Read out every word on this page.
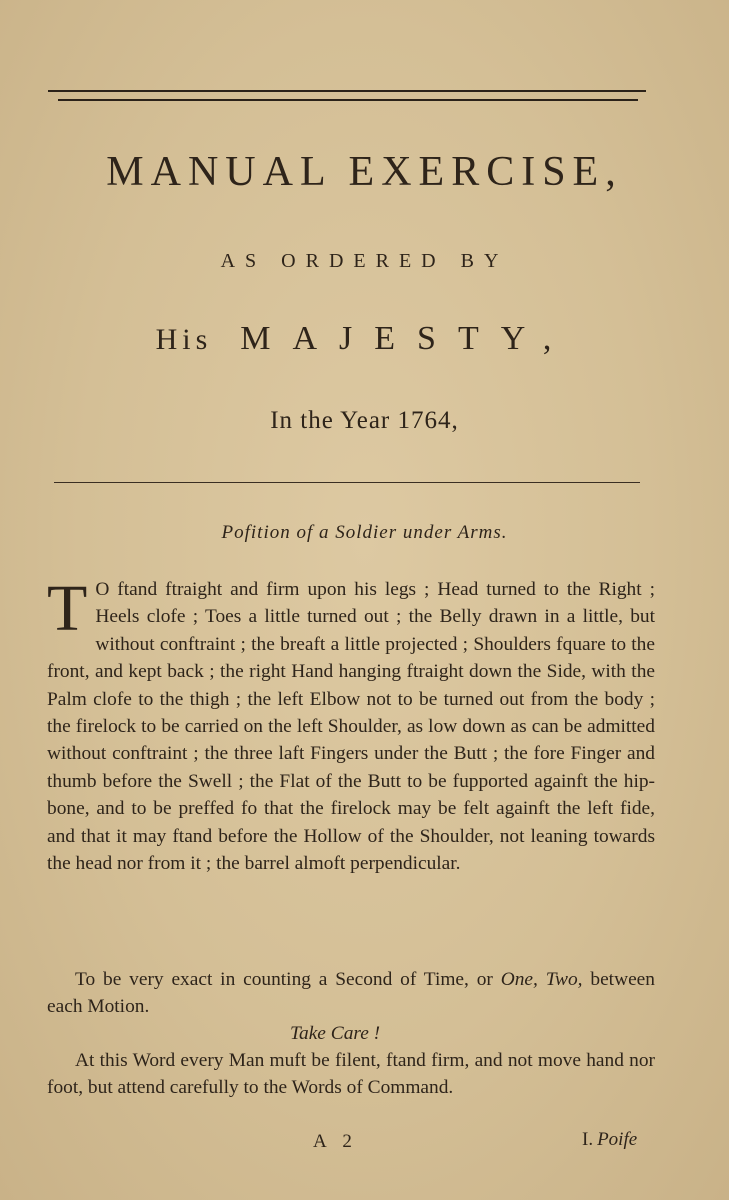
MANUAL EXERCISE,
AS ORDERED BY
His MAJESTY,
In the Year 1764,
Pofition of a Soldier under Arms.
T O ftand ftraight and firm upon his legs ; Head turned to the Right ; Heels clofe ; Toes a little turned out ; the Belly drawn in a little, but without conftraint ; the breaft a little projected ; Shoulders fquare to the front, and kept back ; the right Hand hanging ftraight down the Side, with the Palm clofe to the thigh ; the left Elbow not to be turned out from the body ; the firelock to be carried on the left Shoulder, as low down as can be admitted without conftraint ; the three laft Fingers under the Butt ; the fore Finger and thumb before the Swell ; the Flat of the Butt to be fupported againft the hip-bone, and to be preffed fo that the firelock may be felt againft the left fide, and that it may ftand before the Hollow of the Shoulder, not leaning towards the head nor from it ; the barrel almoft perpendicular.
To be very exact in counting a Second of Time, or One, Two, between each Motion.
Take Care !
At this Word every Man muft be filent, ftand firm, and not move hand nor foot, but attend carefully to the Words of Command.
A 2	I. Poife
